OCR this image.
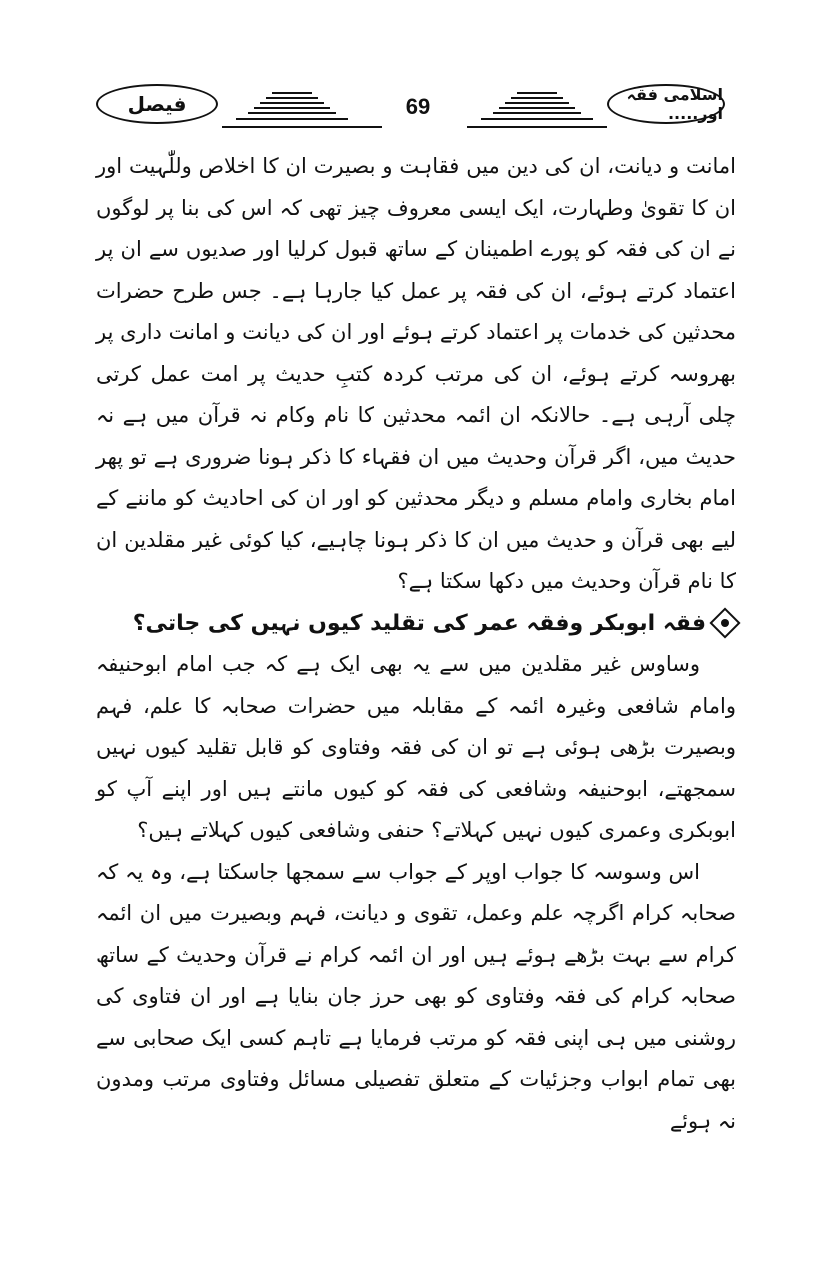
اسلامی فقہ اور.....
69
فیصل

امانت و دیانت، ان کی دین میں فقاہت و بصیرت ان کا اخلاص وللّٰہیت اور ان کا تقویٰ وطہارت، ایک ایسی معروف چیز تھی کہ اس کی بنا پر لوگوں نے ان کی فقہ کو پورے اطمینان کے ساتھ قبول کرلیا اور صدیوں سے ان پر اعتماد کرتے ہوئے، ان کی فقہ پر عمل کیا جارہا ہے۔ جس طرح حضرات محدثین کی خدمات پر اعتماد کرتے ہوئے اور ان کی دیانت و امانت داری پر بھروسہ کرتے ہوئے، ان کی مرتب کردہ کتبِ حدیث پر امت عمل کرتی چلی آرہی ہے۔ حالانکہ ان ائمہ محدثین کا نام وکام نہ قرآن میں ہے نہ حدیث میں، اگر قرآن وحدیث میں ان فقہاء کا ذکر ہونا ضروری ہے تو پھر امام بخاری وامام مسلم و دیگر محدثین کو اور ان کی احادیث کو ماننے کے لیے بھی قرآن و حدیث میں ان کا ذکر ہونا چاہیے، کیا کوئی غیر مقلدین ان کا نام قرآن وحدیث میں دکھا سکتا ہے؟

فقہ ابوبکر وفقہ عمر کی تقلید کیوں نہیں کی جاتی؟

وساوس غیر مقلدین میں سے یہ بھی ایک ہے کہ جب امام ابوحنیفہ وامام شافعی وغیرہ ائمہ کے مقابلہ میں حضرات صحابہ کا علم، فہم وبصیرت بڑھی ہوئی ہے تو ان کی فقہ وفتاوی کو قابل تقلید کیوں نہیں سمجھتے، ابوحنیفہ وشافعی کی فقہ کو کیوں مانتے ہیں اور اپنے آپ کو ابوبکری وعمری کیوں نہیں کہلاتے؟ حنفی وشافعی کیوں کہلاتے ہیں؟

اس وسوسہ کا جواب اوپر کے جواب سے سمجھا جاسکتا ہے، وہ یہ کہ صحابہ کرام اگرچہ علم وعمل، تقوی و دیانت، فہم وبصیرت میں ان ائمہ کرام سے بہت بڑھے ہوئے ہیں اور ان ائمہ کرام نے قرآن وحدیث کے ساتھ صحابہ کرام کی فقہ وفتاوی کو بھی حرز جان بنایا ہے اور ان فتاوی کی روشنی میں ہی اپنی فقہ کو مرتب فرمایا ہے تاہم کسی ایک صحابی سے بھی تمام ابواب وجزئیات کے متعلق تفصیلی مسائل وفتاوی مرتب ومدون نہ ہوئے
